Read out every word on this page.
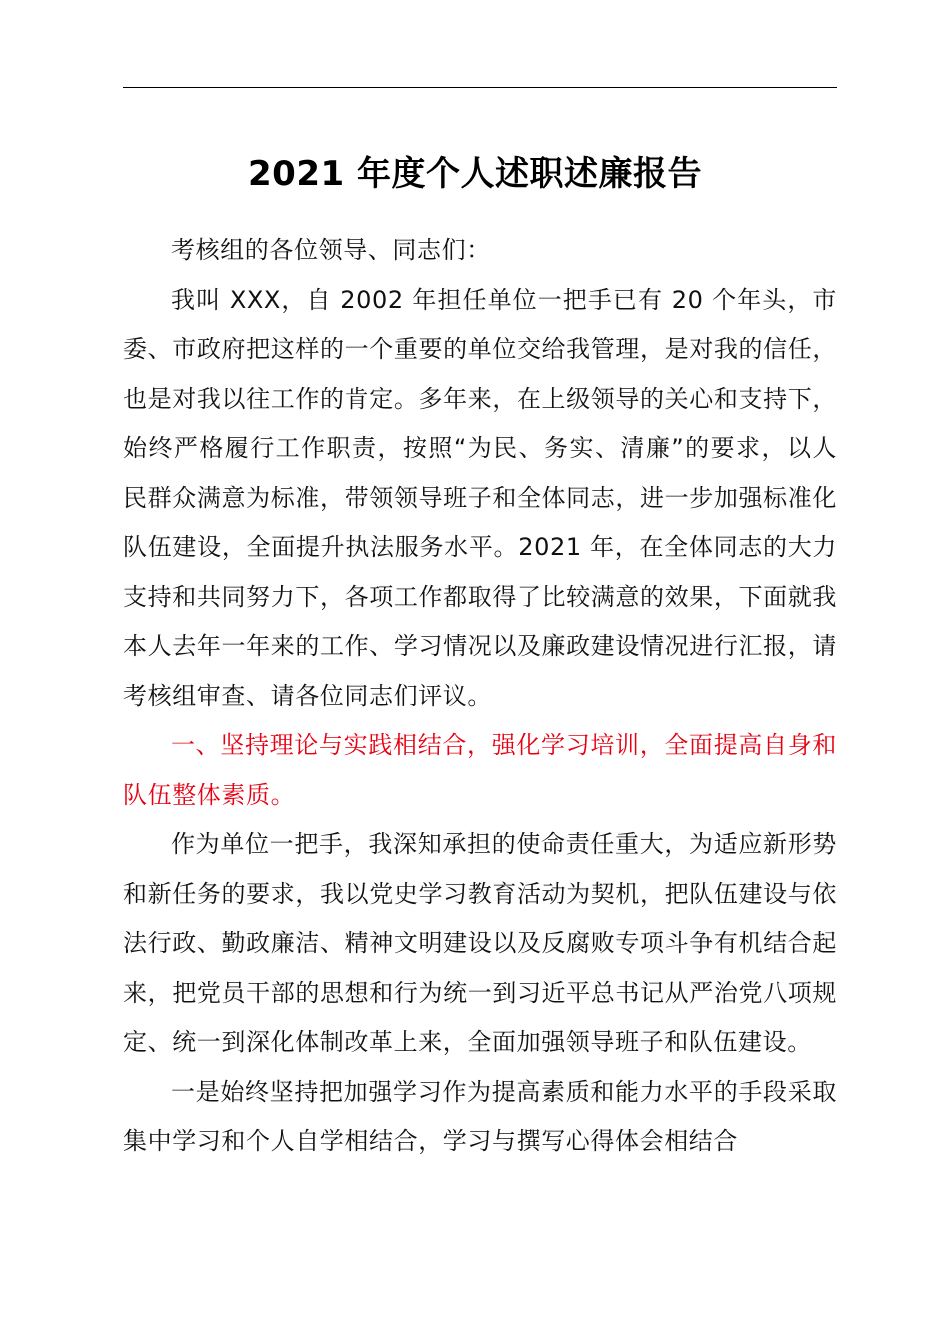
2021 年度个人述职述廉报告

考核组的各位领导、同志们：

我叫 XXX，自 2002 年担任单位一把手已有 20 个年头，市委、市政府把这样的一个重要的单位交给我管理，是对我的信任，也是对我以往工作的肯定。多年来，在上级领导的关心和支持下，始终严格履行工作职责，按照“为民、务实、清廉”的要求，以人民群众满意为标准，带领领导班子和全体同志，进一步加强标准化队伍建设，全面提升执法服务水平。2021 年，在全体同志的大力支持和共同努力下，各项工作都取得了比较满意的效果，下面就我本人去年一年来的工作、学习情况以及廉政建设情况进行汇报，请考核组审查、请各位同志们评议。

一、坚持理论与实践相结合，强化学习培训，全面提高自身和队伍整体素质。

作为单位一把手，我深知承担的使命责任重大，为适应新形势和新任务的要求，我以党史学习教育活动为契机，把队伍建设与依法行政、勤政廉洁、精神文明建设以及反腐败专项斗争有机结合起来，把党员干部的思想和行为统一到习近平总书记从严治党八项规定、统一到深化体制改革上来，全面加强领导班子和队伍建设。

一是始终坚持把加强学习作为提高素质和能力水平的手段采取集中学习和个人自学相结合，学习与撰写心得体会相结合
